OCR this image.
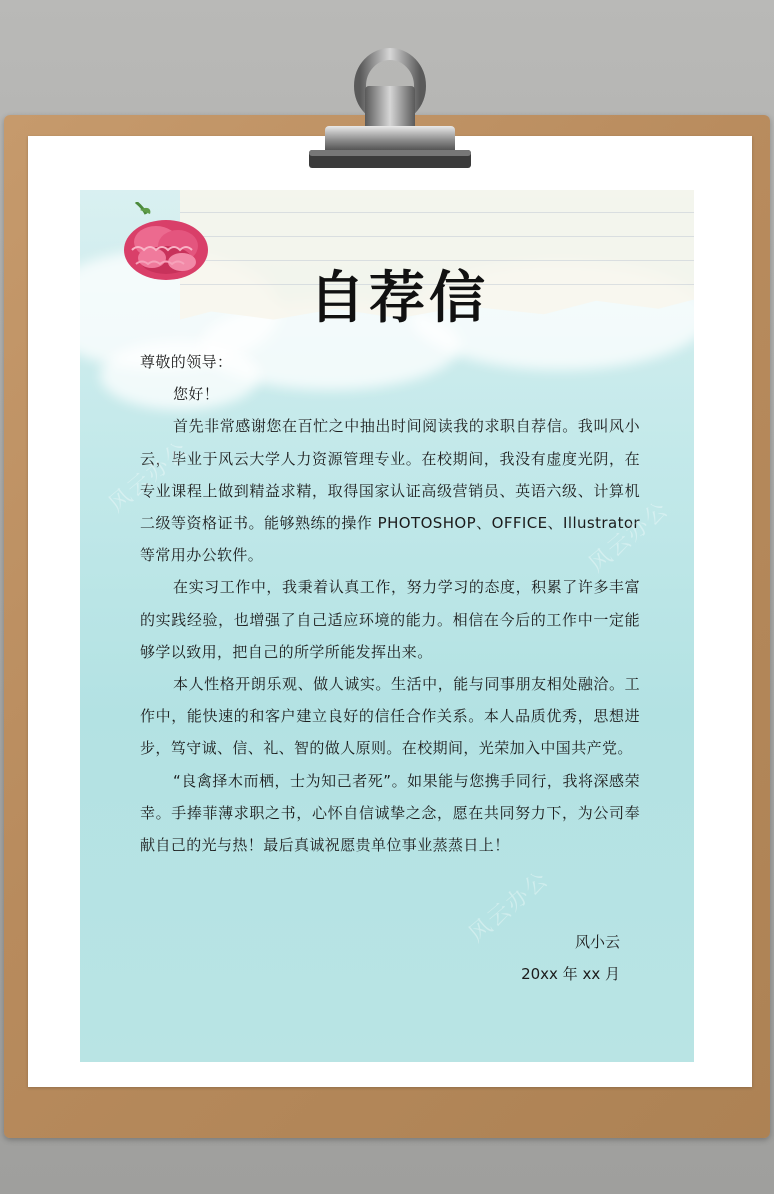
自荐信

尊敬的领导：

您好！

首先非常感谢您在百忙之中抽出时间阅读我的求职自荐信。我叫风小云，毕业于风云大学人力资源管理专业。在校期间，我没有虚度光阴，在专业课程上做到精益求精，取得国家认证高级营销员、英语六级、计算机二级等资格证书。能够熟练的操作 PHOTOSHOP、OFFICE、Illustrator 等常用办公软件。

在实习工作中，我秉着认真工作，努力学习的态度，积累了许多丰富的实践经验，也增强了自己适应环境的能力。相信在今后的工作中一定能够学以致用，把自己的所学所能发挥出来。

本人性格开朗乐观、做人诚实。生活中，能与同事朋友相处融洽。工作中，能快速的和客户建立良好的信任合作关系。本人品质优秀，思想进步，笃守诚、信、礼、智的做人原则。在校期间，光荣加入中国共产党。

“良禽择木而栖，士为知己者死”。如果能与您携手同行，我将深感荣幸。手捧菲薄求职之书，心怀自信诚挚之念，愿在共同努力下，为公司奉献自己的光与热！最后真诚祝愿贵单位事业蒸蒸日上！

风小云
20xx 年 xx 月
风云办公
风云办公
风云办公
